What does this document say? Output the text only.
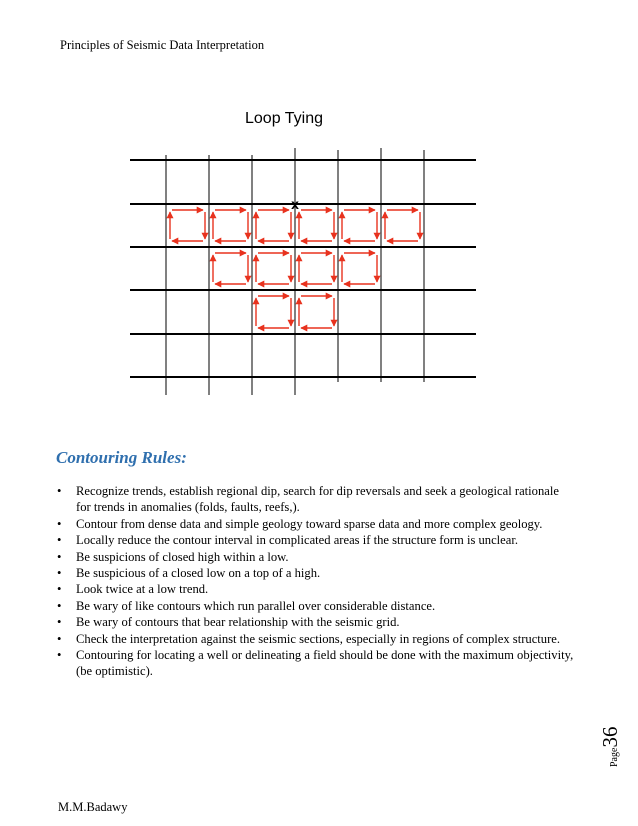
Principles of Seismic Data Interpretation
Loop Tying
x
Contouring Rules:
• Recognize trends, establish regional dip, search for dip reversals and seek a geological rationale for trends in anomalies (folds, faults, reefs,).
• Contour from dense data and simple geology toward sparse data and more complex geology.
• Locally reduce the contour interval in complicated areas if the structure form is unclear.
• Be suspicions of closed high within a low.
• Be suspicious of a closed low on a top of a high.
• Look twice at a low trend.
• Be wary of like contours which run parallel over considerable distance.
• Be wary of contours that bear relationship with the seismic grid.
• Check the interpretation against the seismic sections, especially in regions of complex structure.
• Contouring for locating a well or delineating a field should be done with the maximum objectivity, (be optimistic).
Page36
M.M.Badawy
